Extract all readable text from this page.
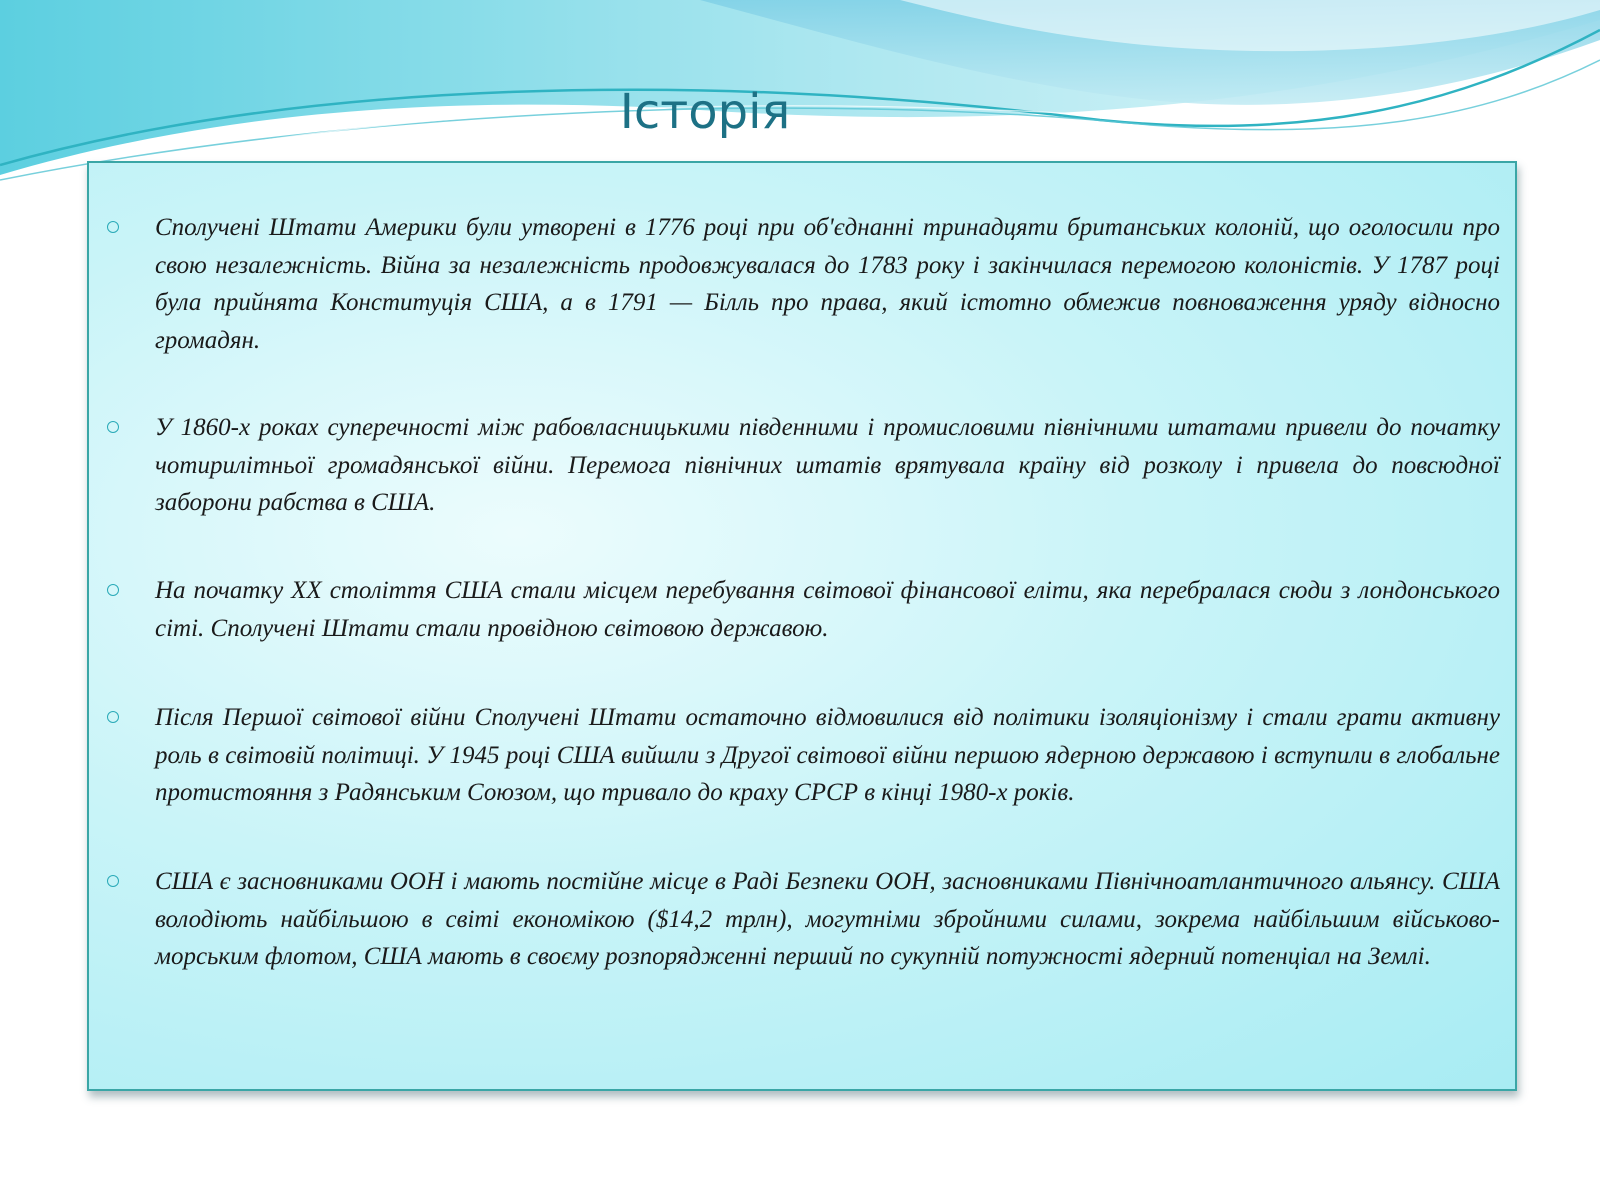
Історія

Сполучені Штати Америки були утворені в 1776 році при об'єднанні тринадцяти британських колоній, що оголосили про свою незалежність. Війна за незалежність продовжувалася до 1783 року і закінчилася перемогою колоністів. У 1787 році була прийнята Конституція США, а в 1791 — Білль про права, який істотно обмежив повноваження уряду відносно громадян.

У 1860-х роках суперечності між рабовласницькими південними і промисловими північними штатами привели до початку чотирилітньої громадянської війни. Перемога північних штатів врятувала країну від розколу і привела до повсюдної заборони рабства в США.

На початку XX століття США стали місцем перебування світової фінансової еліти, яка перебралася сюди з лондонського сіті. Сполучені Штати стали провідною світовою державою.

Після Першої світової війни Сполучені Штати остаточно відмовилися від політики ізоляціонізму і стали грати активну роль в світовій політиці. У 1945 році США вийшли з Другої світової війни першою ядерною державою і вступили в глобальне протистояння з Радянським Союзом, що тривало до краху СРСР в кінці 1980-х років.

США є засновниками ООН і мають постійне місце в Раді Безпеки ООН, засновниками Північноатлантичного альянсу. США володіють найбільшою в світі економікою ($14,2 трлн), могутніми збройними силами, зокрема найбільшим військово-морським флотом, США мають в своєму розпорядженні перший по сукупній потужності ядерний потенціал на Землі.
